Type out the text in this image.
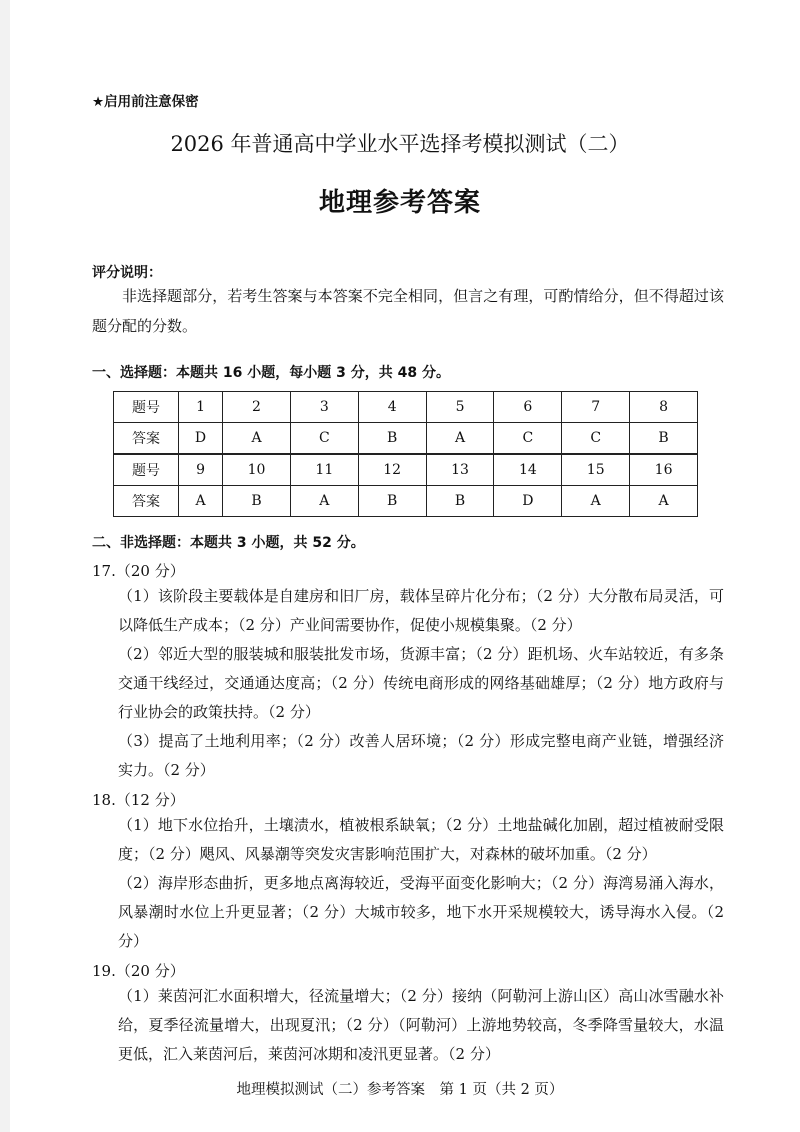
★启用前注意保密
2026 年普通高中学业水平选择考模拟测试（二）
地理参考答案
评分说明：
非选择题部分，若考生答案与本答案不完全相同，但言之有理，可酌情给分，但不得超过该题分配的分数。
一、选择题：本题共 16 小题，每小题 3 分，共 48 分。
题号	1	2	3	4	5	6	7	8
答案	D	A	C	B	A	C	C	B
题号	9	10	11	12	13	14	15	16
答案	A	B	A	B	B	D	A	A
二、非选择题：本题共 3 小题，共 52 分。
17.（20 分）
（1）该阶段主要载体是自建房和旧厂房，载体呈碎片化分布；（2 分）大分散布局灵活，可以降低生产成本；（2 分）产业间需要协作，促使小规模集聚。（2 分）
（2）邻近大型的服装城和服装批发市场，货源丰富；（2 分）距机场、火车站较近，有多条交通干线经过，交通通达度高；（2 分）传统电商形成的网络基础雄厚；（2 分）地方政府与行业协会的政策扶持。（2 分）
（3）提高了土地利用率；（2 分）改善人居环境；（2 分）形成完整电商产业链，增强经济实力。（2 分）
18.（12 分）
（1）地下水位抬升，土壤渍水，植被根系缺氧；（2 分）土地盐碱化加剧，超过植被耐受限度；（2 分）飓风、风暴潮等突发灾害影响范围扩大，对森林的破坏加重。（2 分）
（2）海岸形态曲折，更多地点离海较近，受海平面变化影响大；（2 分）海湾易涌入海水，风暴潮时水位上升更显著；（2 分）大城市较多，地下水开采规模较大，诱导海水入侵。（2 分）
19.（20 分）
（1）莱茵河汇水面积增大，径流量增大；（2 分）接纳（阿勒河上游山区）高山冰雪融水补给，夏季径流量增大，出现夏汛；（2 分）（阿勒河）上游地势较高，冬季降雪量较大，水温更低，汇入莱茵河后，莱茵河冰期和凌汛更显著。（2 分）
地理模拟测试（二）参考答案　第 1 页（共 2 页）
